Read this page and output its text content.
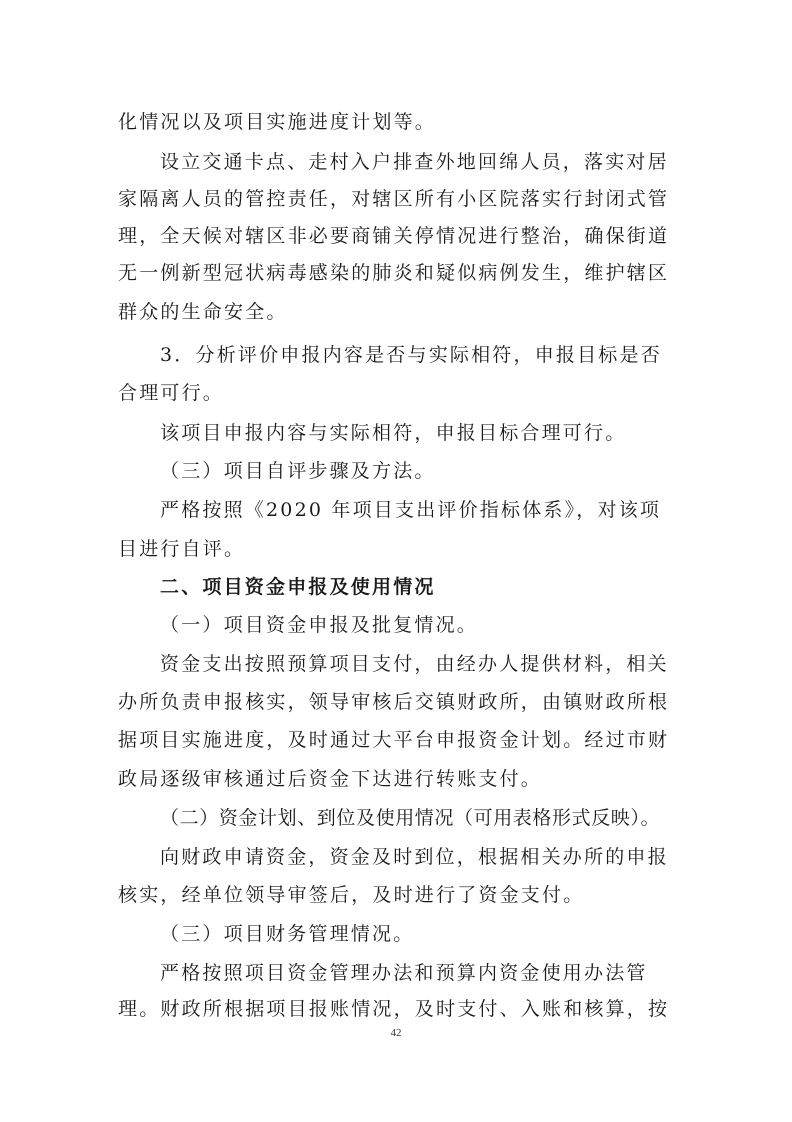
化情况以及项目实施进度计划等。
设立交通卡点、走村入户排查外地回绵人员，落实对居
家隔离人员的管控责任，对辖区所有小区院落实行封闭式管
理，全天候对辖区非必要商铺关停情况进行整治，确保街道
无一例新型冠状病毒感染的肺炎和疑似病例发生，维护辖区
群众的生命安全。
3．分析评价申报内容是否与实际相符，申报目标是否
合理可行。
该项目申报内容与实际相符，申报目标合理可行。
（三）项目自评步骤及方法。
严格按照《2020 年项目支出评价指标体系》，对该项
目进行自评。
二、项目资金申报及使用情况
（一）项目资金申报及批复情况。
资金支出按照预算项目支付，由经办人提供材料，相关
办所负责申报核实，领导审核后交镇财政所，由镇财政所根
据项目实施进度，及时通过大平台申报资金计划。经过市财
政局逐级审核通过后资金下达进行转账支付。
（二）资金计划、到位及使用情况（可用表格形式反映）。
向财政申请资金，资金及时到位，根据相关办所的申报
核实，经单位领导审签后，及时进行了资金支付。
（三）项目财务管理情况。
严格按照项目资金管理办法和预算内资金使用办法管
理。财政所根据项目报账情况，及时支付、入账和核算，按
42
